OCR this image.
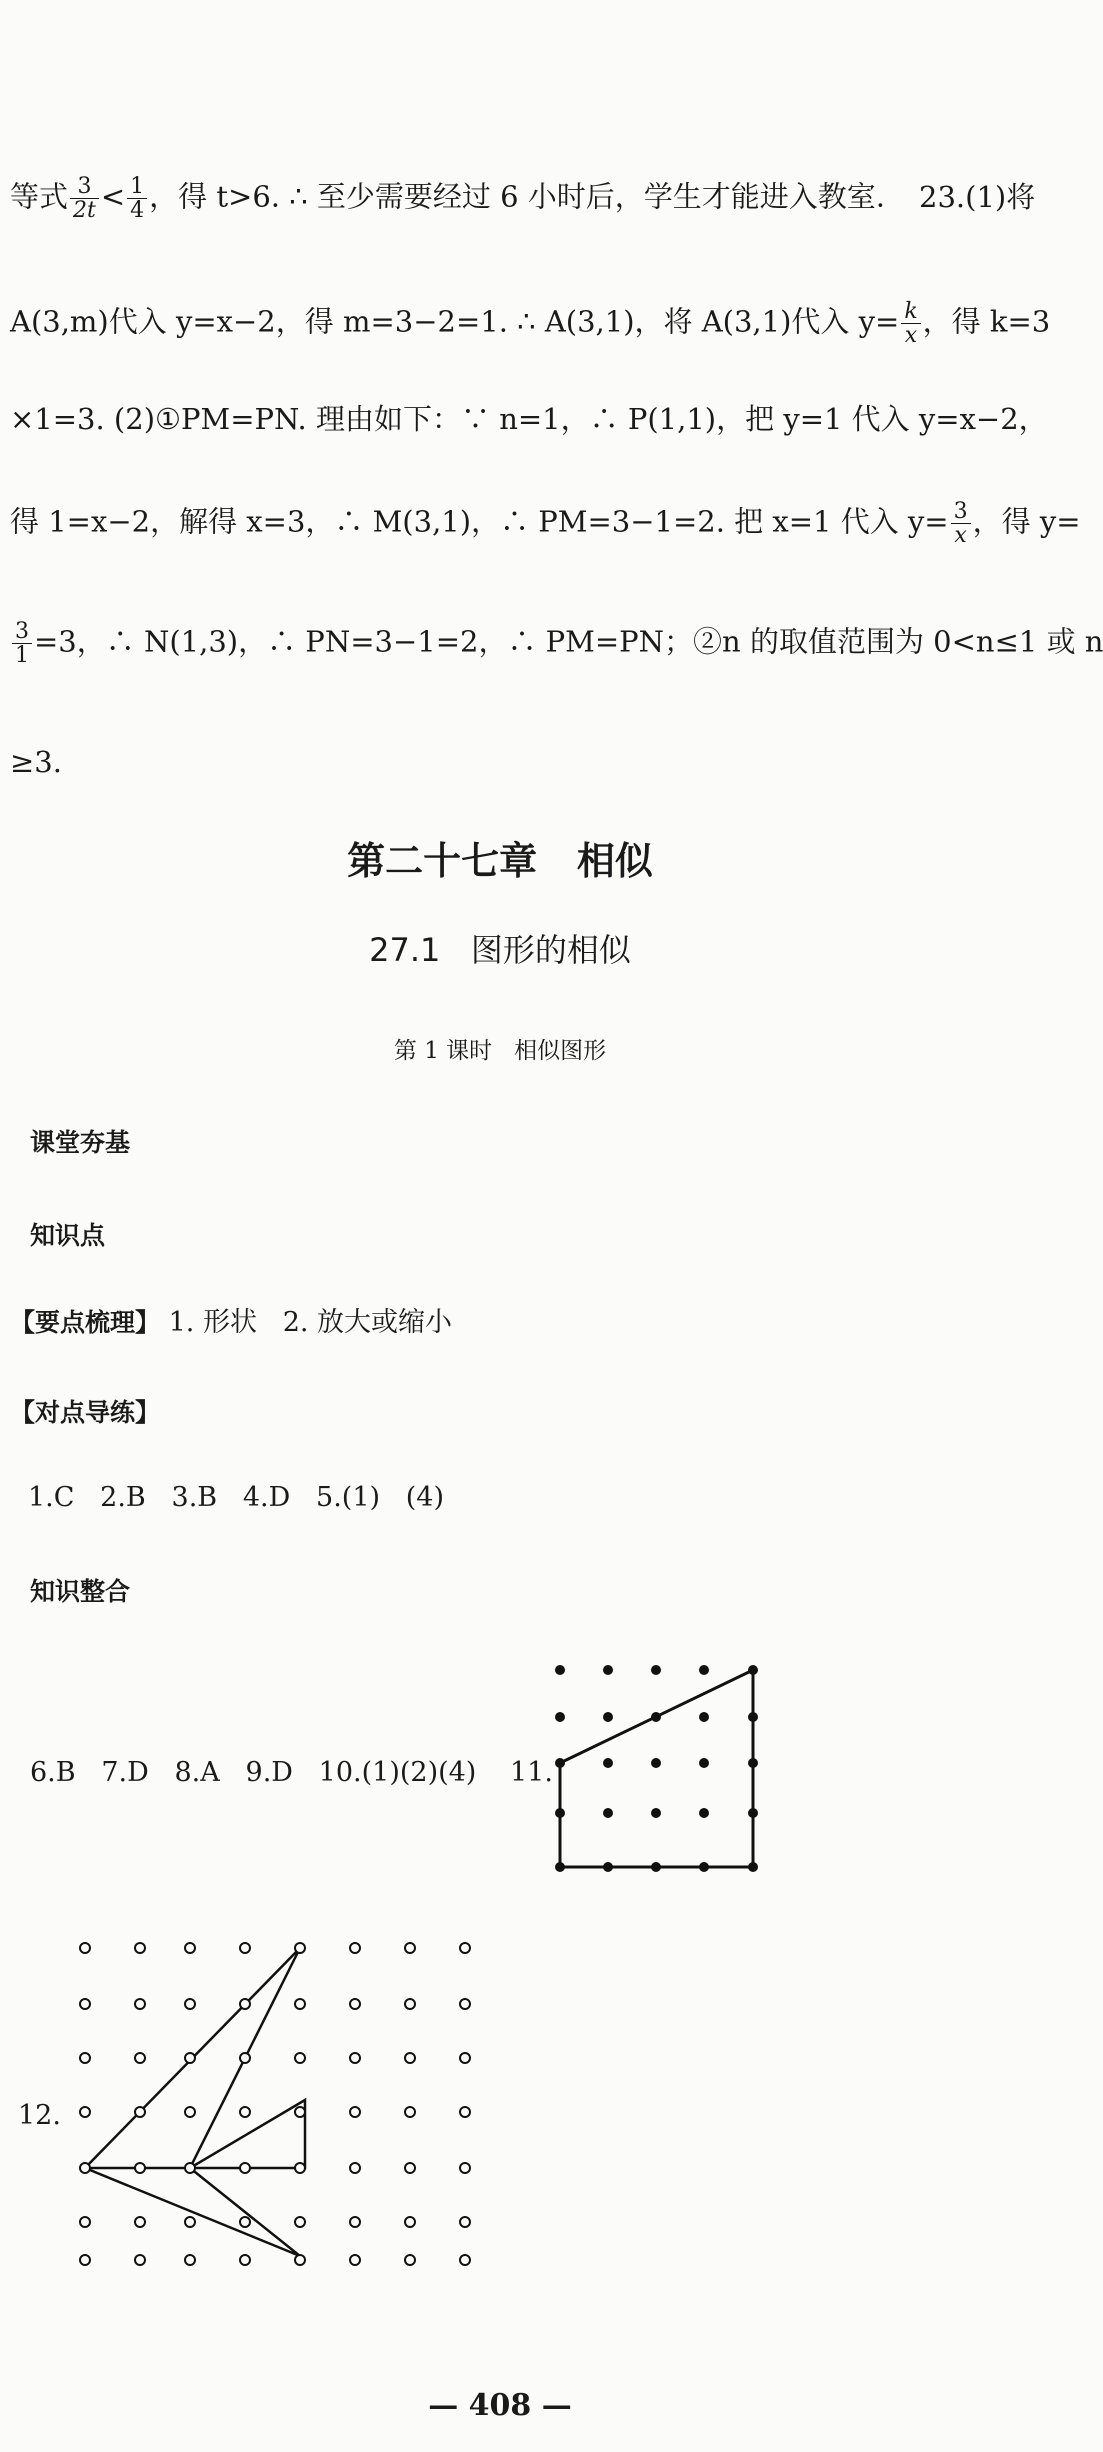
等式 $\frac{3}{2t} < \frac{1}{4}$ ，得 t>6. ∴ 至少需要经过 6 小时后，学生才能进入教室. 23.(1)将
A(3,m)代入 y=x−2，得 m=3−2=1. ∴ A(3,1)，将 A(3,1)代入 $y= \frac{k}{x}$ ，得 k=3
×1=3. (2)①PM=PN. 理由如下：∵ n=1，∴ P(1,1)，把 y=1 代入 y=x−2，
得 1=x−2，解得 x=3，∴ M(3,1)，∴ PM=3−1=2. 把 x=1 代入 $y= \frac{3}{x}$ ，得 y=
$\frac{3}{1} =3$，∴ N(1,3)，∴ PN=3−1=2，∴ PM=PN；②n 的取值范围为 0<n≤1 或 n
≥3.
第二十七章   相似
27.1   图形的相似
第 1 课时   相似图形
课堂夯基
知识点
【要点梳理】 1. 形状   2. 放大或缩小
【对点导练】
1.C   2.B   3.B   4.D   5.(1)   (4)
知识整合
6.B   7.D   8.A   9.D   10.(1)(2)(4) 11.
12.
— 408 —
